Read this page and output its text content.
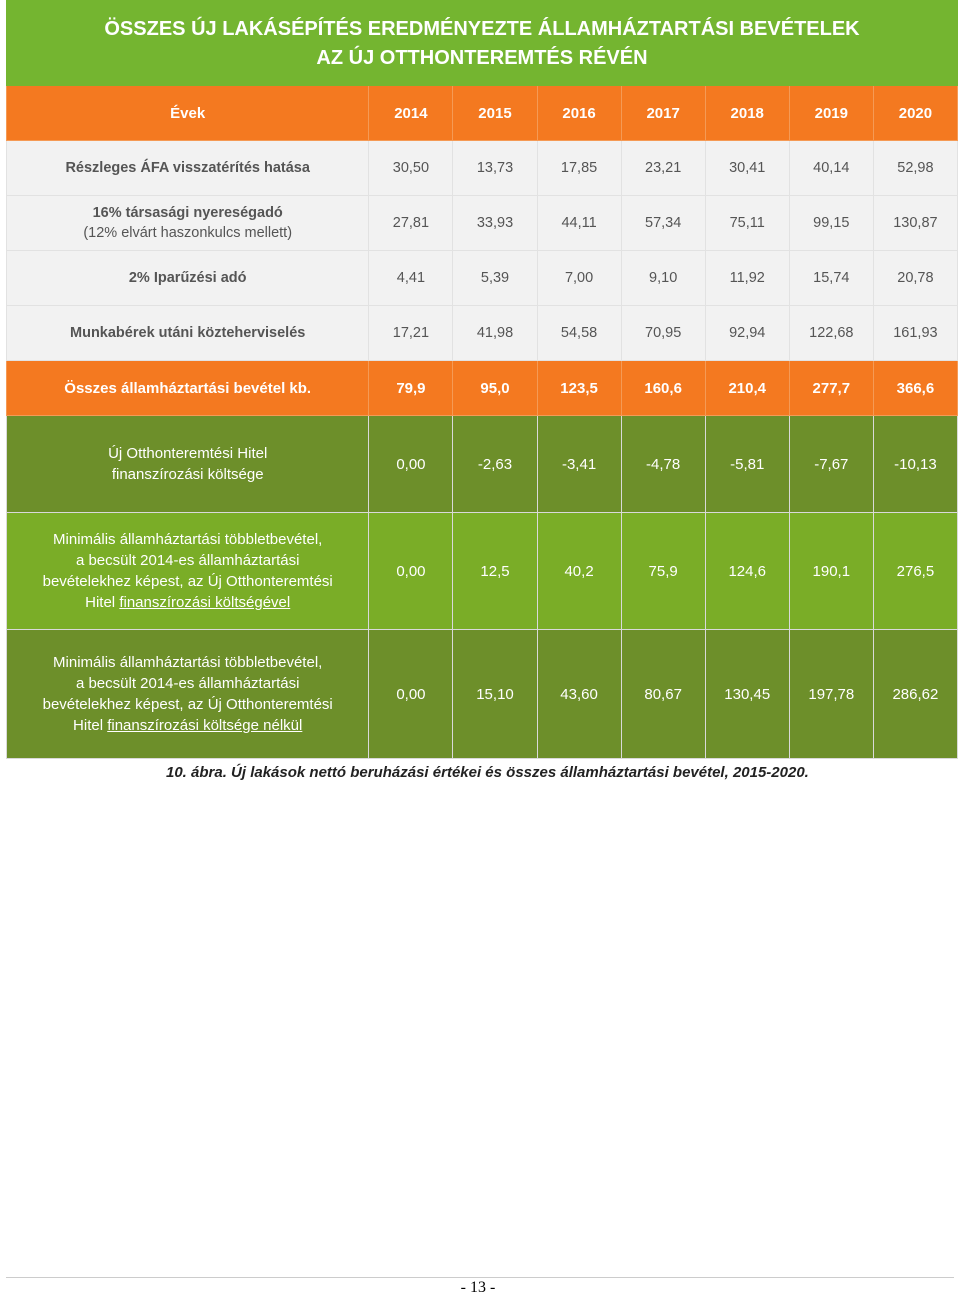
ÖSSZES ÚJ LAKÁSÉPÍTÉS EREDMÉNYEZTE ÁLLAMHÁZTARTÁSI BEVÉTELEK
AZ ÚJ OTTHONTEREMTÉS RÉVÉN							

Évek	2014	2015	2016	2017	2018	2019	2020
Részleges ÁFA visszatérítés hatása	30,50	13,73	17,85	23,21	30,41	40,14	52,98

16% társasági nyereségadó
(12% elvárt haszonkulcs mellett)	27,81	33,93	44,11	57,34	75,11	99,15	130,87
2% Iparűzési adó	4,41	5,39	7,00	9,10	11,92	15,74	20,78
Munkabérek utáni közteherviselés	17,21	41,98	54,58	70,95	92,94	122,68	161,93
Összes államháztartási bevétel kb.	79,9	95,0	123,5	160,6	210,4	277,7	366,6

Új Otthonteremtési Hitel
finanszírozási költsége	0,00	-2,63	-3,41	-4,78	-5,81	-7,67	-10,13

Minimális államháztartási többletbevétel,
a becsült 2014-es államháztartási
bevételekhez képest, az Új Otthonteremtési
Hitel finanszírozási költségével	0,00	12,5	40,2	75,9	124,6	190,1	276,5

Minimális államháztartási többletbevétel,
a becsült 2014-es államháztartási
bevételekhez képest, az Új Otthonteremtési
Hitel finanszírozási költsége nélkül	0,00	15,10	43,60	80,67	130,45	197,78	286,62
10. ábra. Új lakások nettó beruházási értékei és összes államháztartási bevétel, 2015-2020.
- 13 -
